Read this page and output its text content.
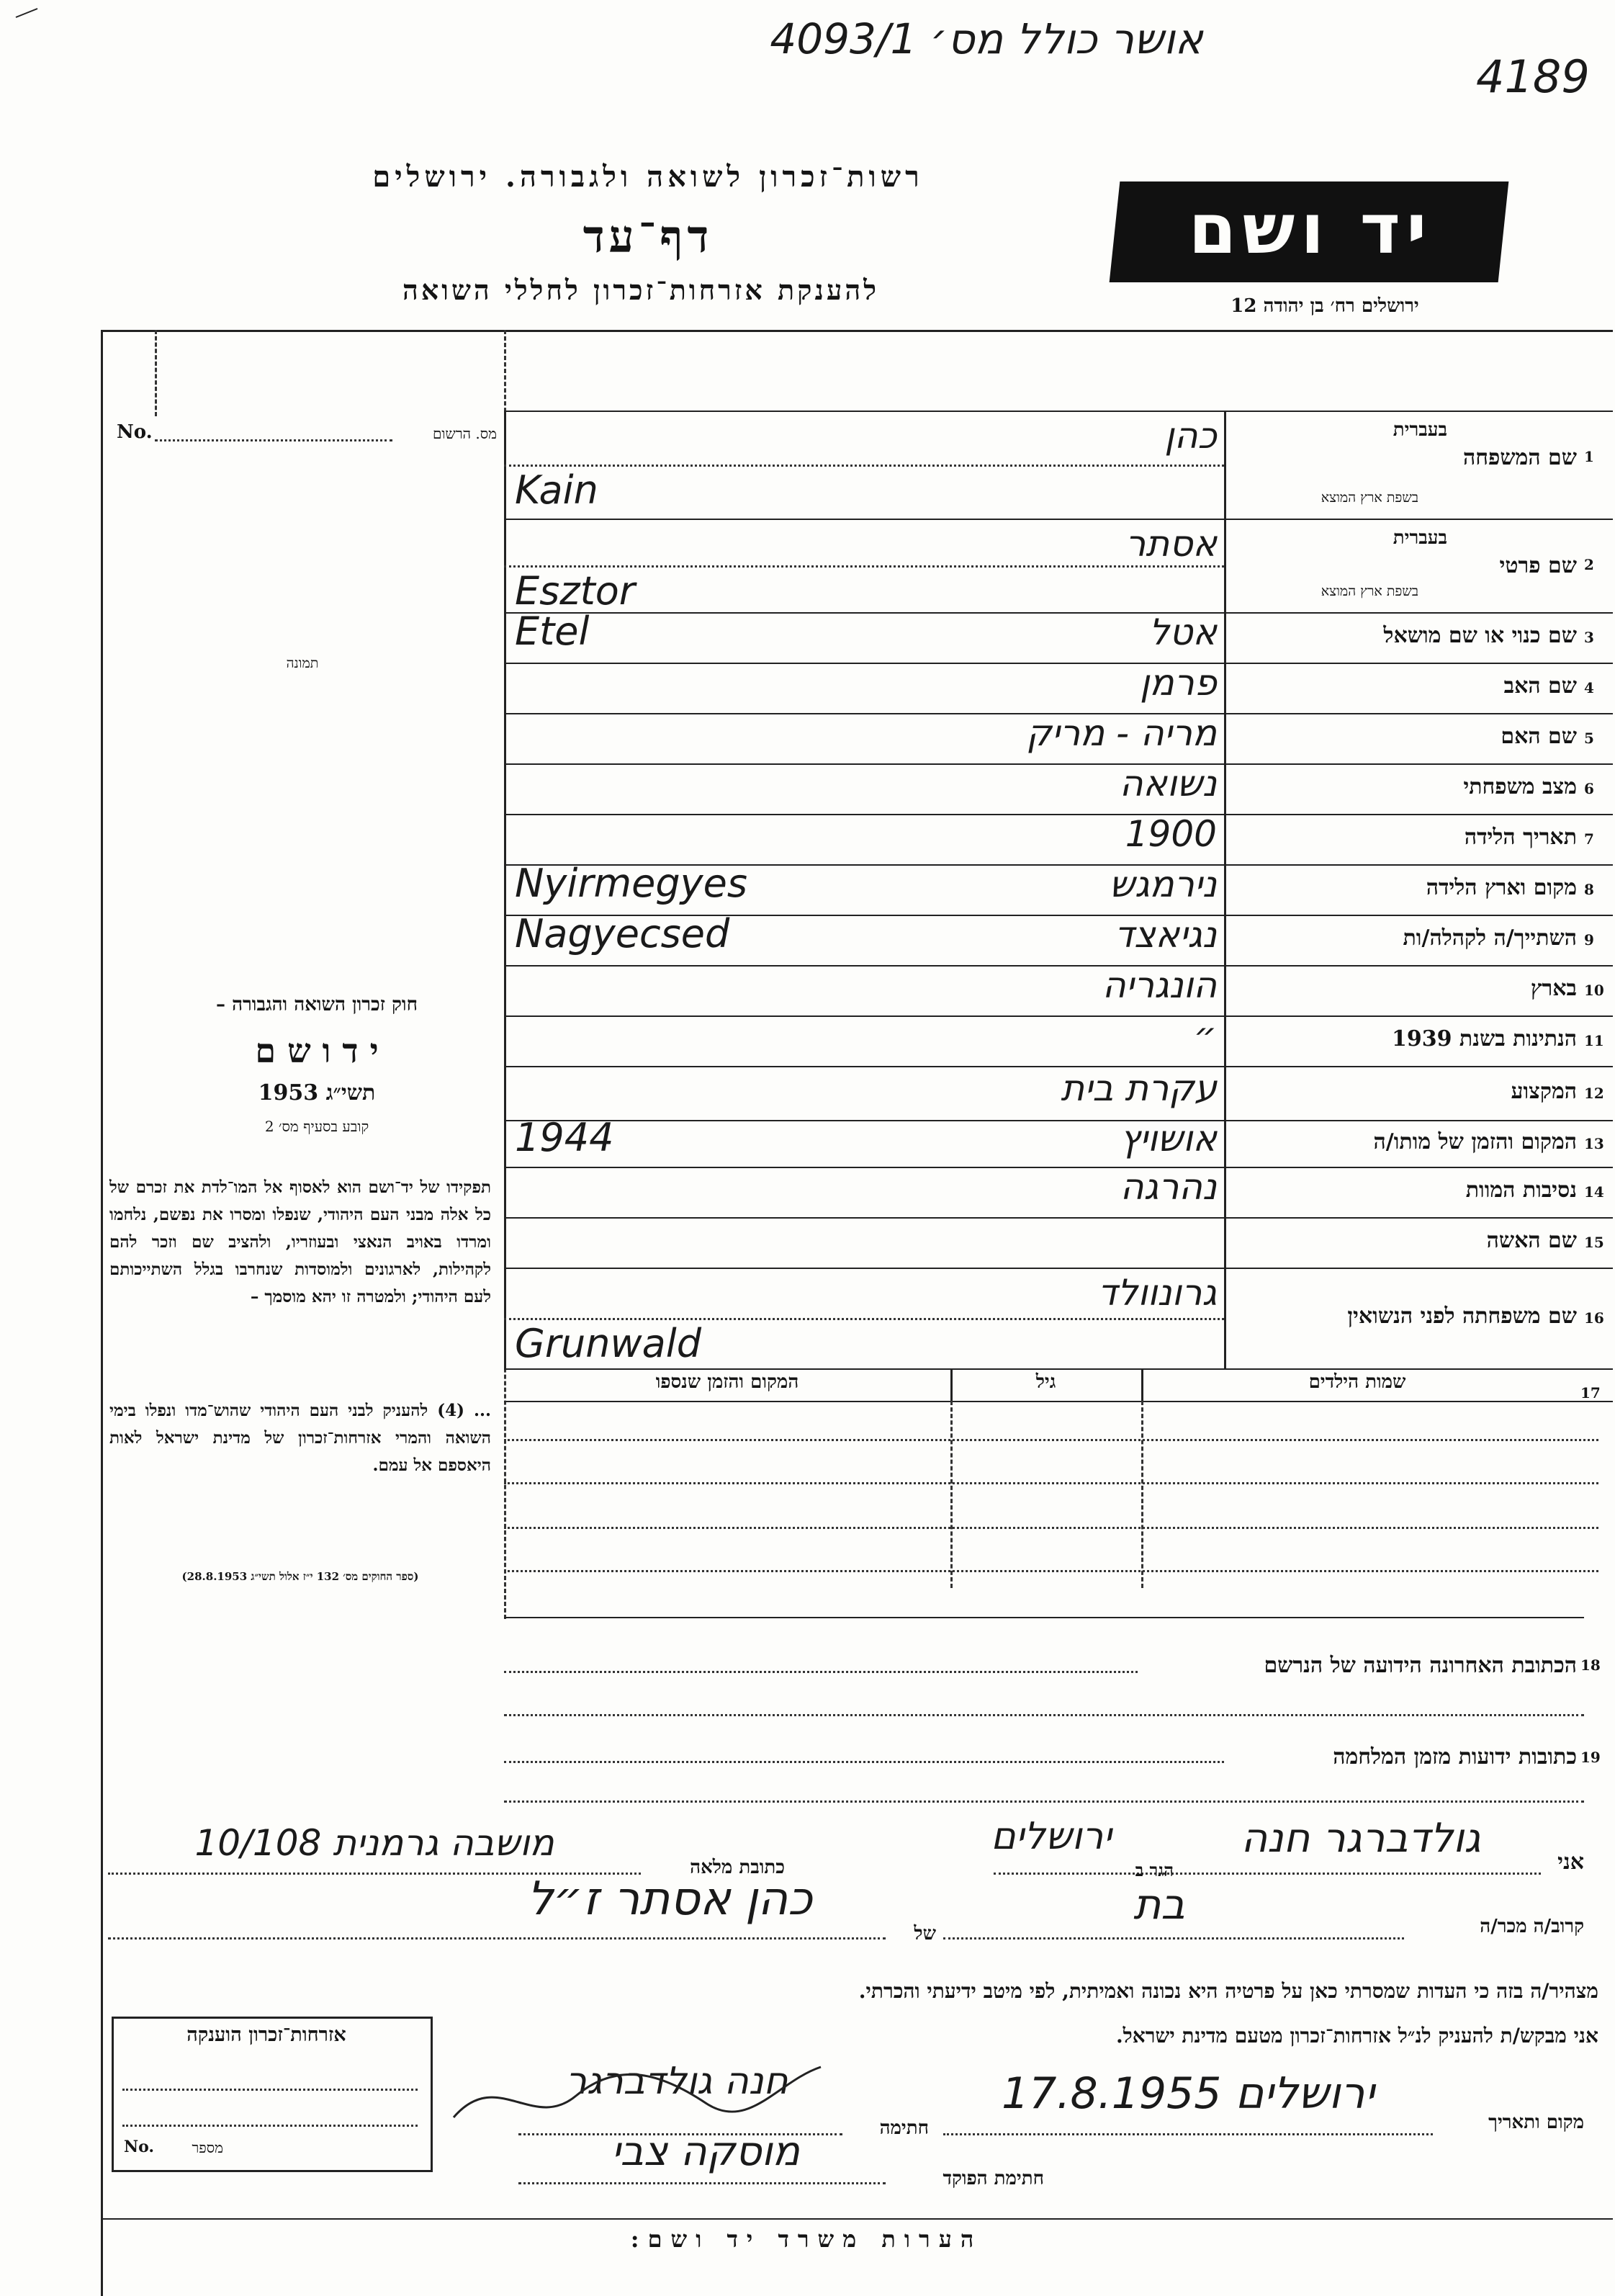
אושר כולל מס׳ 4093/1
4189
רשות־זכרון לשואה ולגבורה. ירושלים
דף־עד
להענקת אזרחות־זכרון לחללי השואה
יד ושם
ירושלים רח׳ בן יהודה 12
No.	מס. הרשום
תמונה
חוק זכרון השואה והגבורה –
י ד ו ש ם
תשי״ג 1953
קובע בסעיף מס׳ 2
תפקידו של יד־ושם הוא לאסוף אל המו־לדת את זכרם של כל אלה מבני העם היהודי, שנפלו ומסרו את נפשם, נלחמו ומרדו באויב הנאצי ובעוזריו, ולהציב שם וזכר להם לקהילות, לארגונים ולמוסדות שנחרבו בגלל השתייכותם לעם היהודי; ולמטרה זו יהא מוסמך –
... (4) להעניק לבני העם היהודי שהוש־מדו ונפלו בימי השואה והמרי אזרחות־זכרון של מדינת ישראל לאות היאספם אל עמם.
(ספר החוקים מס׳ 132 י״ז אלול תשי״ג 28.8.1953)
1
שם המשפחה
בעברית
בשפת ארץ המוצא
כהן
Kain
2
שם פרטי
בעברית
בשפת ארץ המוצא
אסתר
Esztor
3
שם כנוי או שם מושאל
אטל
Etel
4
שם האב
פרמן
5
שם האם
מריה - מריק
6
מצב משפחתי
נשואה
7
תאריך הלידה
1900
8
מקום וארץ הלידה
נירמגש
Nyirmegyes
9
השתייך/ה לקהלה/ות
נגיאצד
Nagyecsed
10
בארץ
הונגריה
11
הנתינות בשנת 1939
״
12
המקצוע
עקרת בית
13
המקום והזמן של מותו/ה
אושויץ
1944
14
נסיבות המוות
נהרגה
15
שם האשה
16
שם משפחתה לפני הנשואין
גרונוולד
Grunwald
המקום והזמן שנספו	גיל	שמות הילדים	17
הכתובת האחרונה הידועה של הנרשם 18
כתובות ידועות מזמן המלחמה 19
אני
גולדברגר חנה
הגר ב
ירושלים
כתובת מלאה
מושבה גרמנית 10/108
קרוב/ה מכר/ה
בת
של
כהן אסתר ז״ל
מצהיר/ה בזה כי העדות שמסרתי כאן על פרטיה היא נכונה ואמיתית, לפי מיטב ידיעתי והכרתי.
אני מבקש/ת להעניק לנ״ל אזרחות־זכרון מטעם מדינת ישראל.
מקום ותאריך
ירושלים 17.8.1955
חתימה
חנה גולדברגר
חתימת הפוקד
מוסקה צבי
אזרחות־זכרון הוענקה
No.	מספר
הערות משרד יד ושם:
